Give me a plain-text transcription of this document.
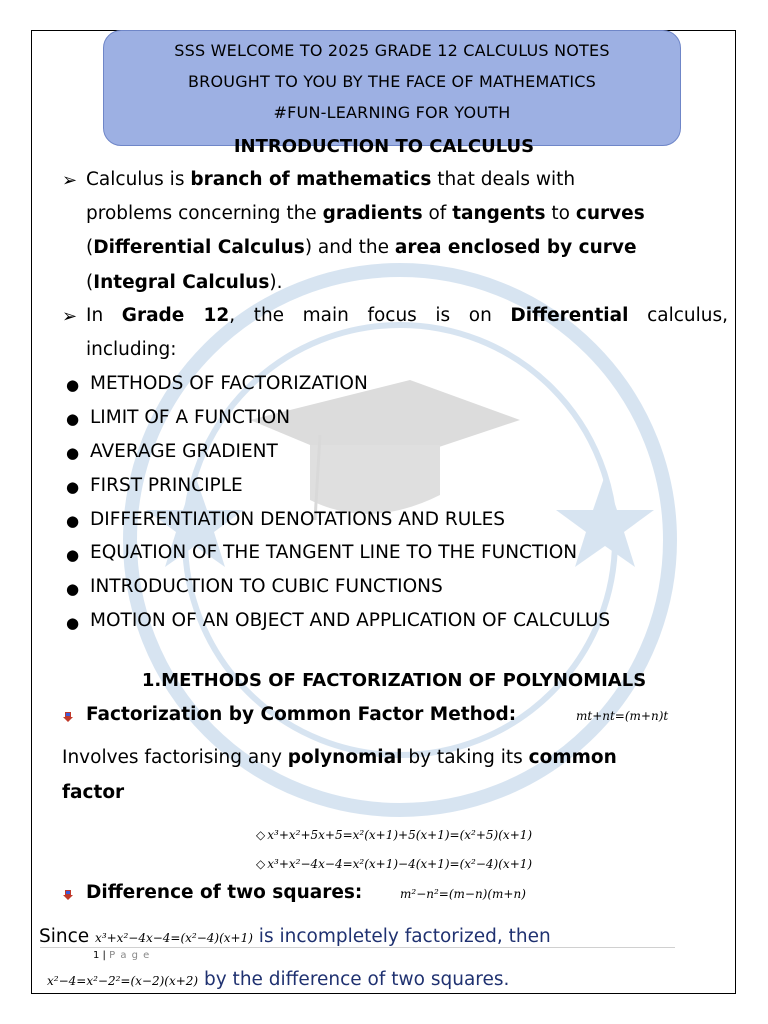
SSS WELCOME TO 2025 GRADE 12 CALCULUS NOTES
BROUGHT TO YOU BY THE FACE OF MATHEMATICS
#FUN-LEARNING FOR YOUTH
INTRODUCTION TO CALCULUS
➢ Calculus is branch of mathematics that deals with
problems concerning the gradients of tangents to curves
(Differential Calculus) and the area enclosed by curve
(Integral Calculus).
➢ In Grade 12, the main focus is on Differential calculus,
including:
● METHODS OF FACTORIZATION
● LIMIT OF A FUNCTION
● AVERAGE GRADIENT
● FIRST PRINCIPLE
● DIFFERENTIATION DENOTATIONS AND RULES
● EQUATION OF THE TANGENT LINE TO THE FUNCTION
● INTRODUCTION TO CUBIC FUNCTIONS
● MOTION OF AN OBJECT AND APPLICATION OF CALCULUS
1.METHODS OF FACTORIZATION OF POLYNOMIALS
Factorization by Common Factor Method:	mt+nt=(m+n)t
Involves factorising any polynomial by taking its common
factor
◇ x³+x²+5x+5=x²(x+1)+5(x+1)=(x²+5)(x+1)
◇ x³+x²−4x−4=x²(x+1)−4(x+1)=(x²−4)(x+1)
Difference of two squares:	m²−n²=(m−n)(m+n)
Since x³+x²−4x−4=(x²−4)(x+1) is incompletely factorized, then
1 | P a g e
x²−4=x²−2²=(x−2)(x+2) by the difference of two squares.
